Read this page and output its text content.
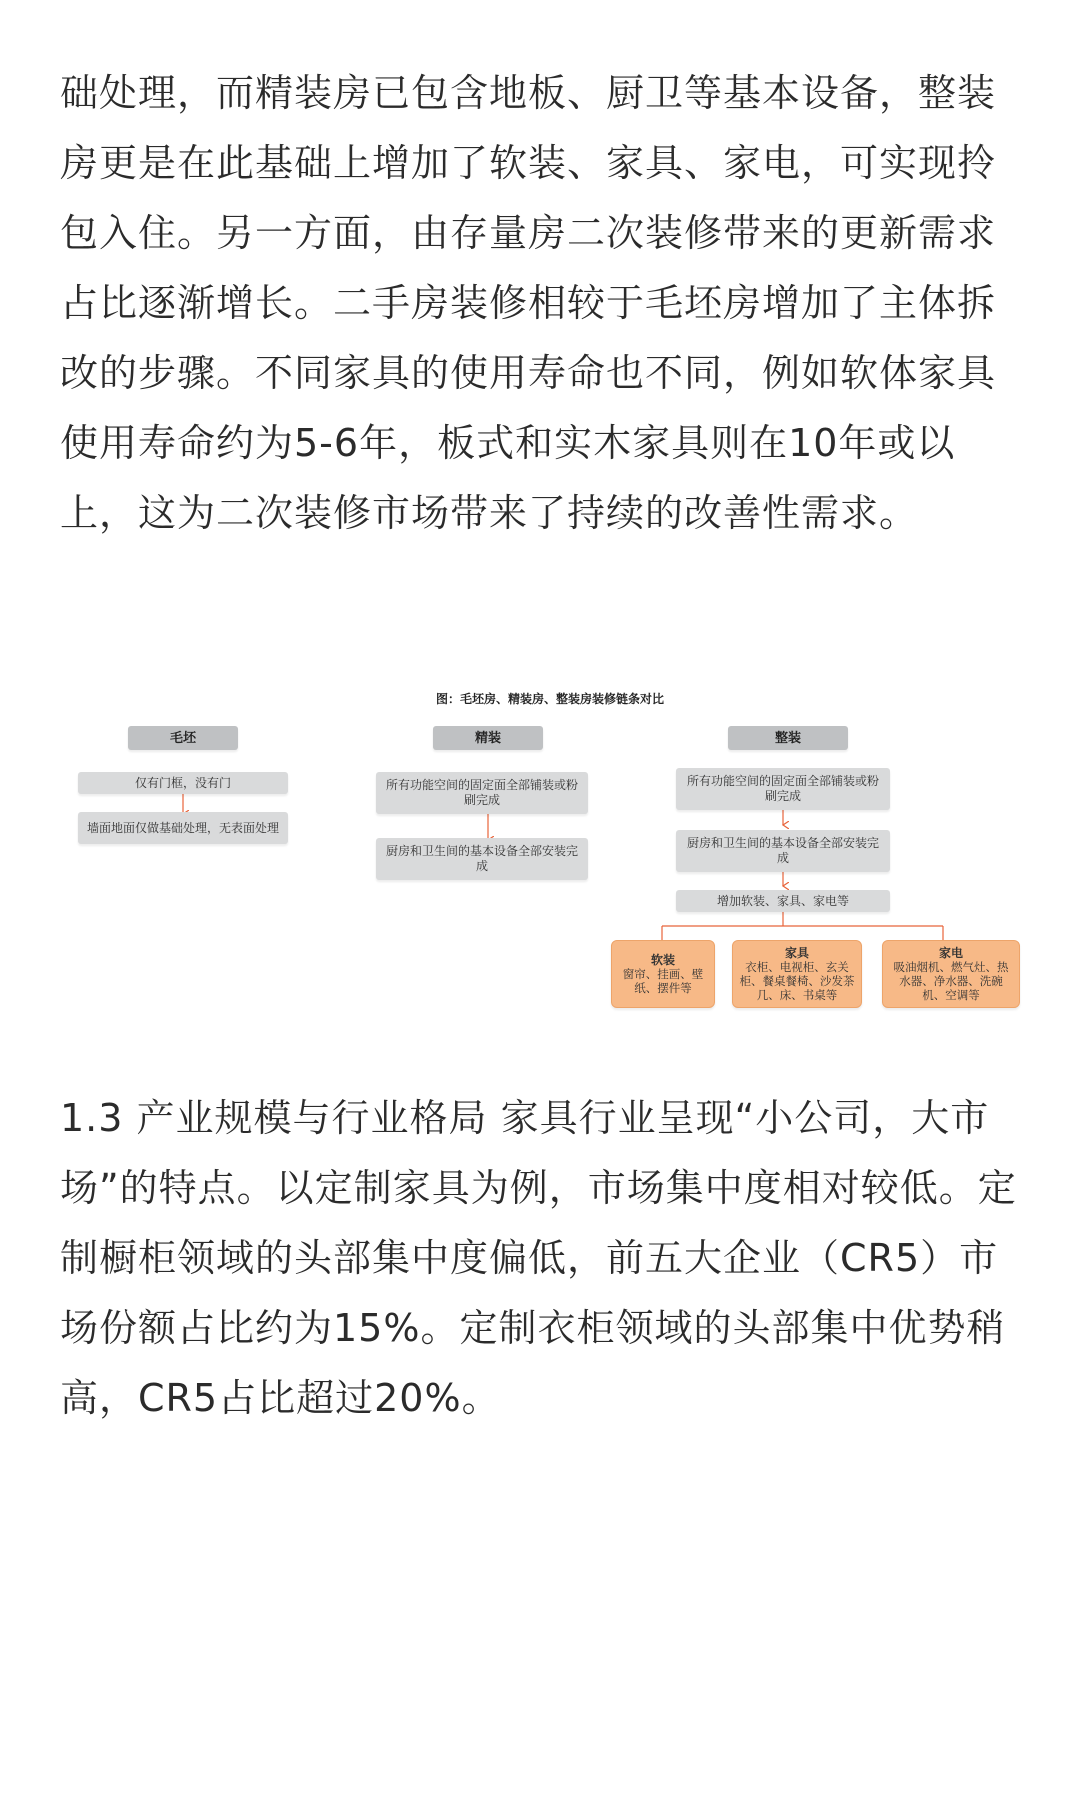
础处理，而精装房已包含地板、厨卫等基本设备，整装房更是在此基础上增加了软装、家具、家电，可实现拎包入住。另一方面，由存量房二次装修带来的更新需求占比逐渐增长。二手房装修相较于毛坯房增加了主体拆改的步骤。不同家具的使用寿命也不同，例如软体家具使用寿命约为5-6年，板式和实木家具则在10年或以上，这为二次装修市场带来了持续的改善性需求。

图：毛坯房、精装房、整装房装修链条对比
毛坯
仅有门框，没有门
墙面地面仅做基础处理，无表面处理
精装
所有功能空间的固定面全部铺装或粉刷完成
厨房和卫生间的基本设备全部安装完成
整装
所有功能空间的固定面全部铺装或粉刷完成
厨房和卫生间的基本设备全部安装完成
增加软装、家具、家电等
软装
窗帘、挂画、壁纸、摆件等
家具
衣柜、电视柜、玄关柜、餐桌餐椅、沙发茶几、床、书桌等
家电
吸油烟机、燃气灶、热水器、净水器、洗碗机、空调等

1.3 产业规模与行业格局 家具行业呈现“小公司，大市场”的特点。以定制家具为例，市场集中度相对较低。定制橱柜领域的头部集中度偏低，前五大企业（CR5）市场份额占比约为15%。定制衣柜领域的头部集中优势稍高，CR5占比超过20%。
